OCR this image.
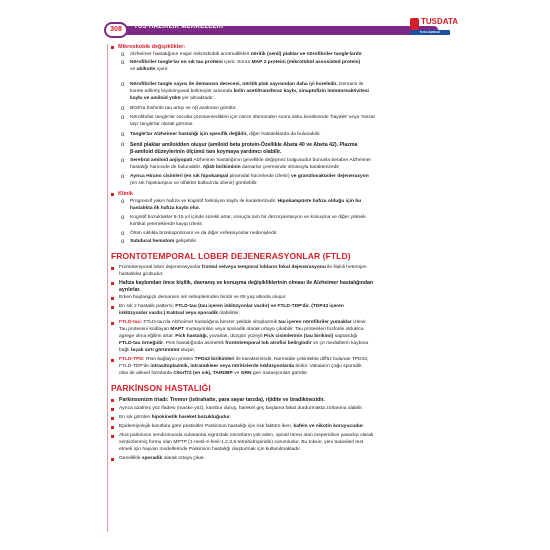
308	TUS HAZIRLIK MERKEZLERİ
TUSDATA
TUS HAZIRLIK MERKEZLERİ
Mikroskobik değişiklikler:
o Alzheimer hastalığının major mikroskobik anormallikleri nöritik (senil) plaklar ve nörofibriler tangle'lardır.
o Nörofibriler tangle'lar en sık tau proteini içerir. Sonra MAP 2 proteini (mikrotübül assosiated protein)
ve ubikutin içerir.
o Nörofibriler tangle sayısı ile demansın derecesi, nöritik plak sayısından daha iyi koreledir. Demans ile
korele edilmiş biyokimyasal belirteçler arasında kolin asetiltransferaz kaybı, sinaptofizin immünreaktivitesi
kaybı ve amiloid yükü yer almaktadır.
o BOS'ta fosforile tau artışı ve Aβ azalması görülür.
o Nörofibriler tangle'lar vücutta çözünemedikleri için nöron ölümünden sonra doku kesitlerinde 'hayalet' veya 'mezar
taşı' tangle'lar olarak görünür.
o Tangle'lar Alzheimer hastalığı için spesifik değildir, diğer hastalıklarda da bulunabilir.
o Senil plaklar amiloidden oluşur (amiloid beta protein-Özellikle Abeta 40 ve Abeta 42). Plazma
β-amiloid düzeylerinin ölçümü tanı koymaya yardımcı olabilir.
o Serebral amiloid anjiyopati Alzheimer hastalığının genellikle değişmez bulgusudur bununla beraber Alzheimer
hastalığı haricinde de bulunabilir. Aβ40 birikiminin damarlar çevresinde olmasıyla karakterizedir
o Ayrıca Hirano cisimleri (en sık hipokampal piramidal hücrelerde izlenir) ve granülovaküoler dejenerasyon
(en sık hipokampus ve olfaktör bulbus'da izlenir) görülebilir.
Klinik
o Progressif yakın hafıza ve kognitif fonksiyon kaybı ile karakterizedir. Hipokampüste hafıza olduğu için bu
hastalıkta ilk hafıza kaybı olur.
o Kognitif bozukluklar 5-15 yıl içinde sürekli artar, sonuçta tam bir dezoryantasyon ve konuşma ve diğer yüksek
kortikal yeteneklerde kayıp izlenir.
o Ölüm sıklıkla bronkopnömoni ve da diğer enfeksiyonlar nedeniyledir.
o Subdural hematom gelişebilir.
FRONTOTEMPORAL LOBER DEJENERASYONLAR (FTLD)
Frontotemporal lober dejenerasyonlar frontal ve/veya temporal lobların fokal dejenerasyonu ile ilişkili heterojen
hastalıklar grubudur.
Hafıza kaybından önce kişilik, davranış ve konuşma değişikliklerinin olması ile Alzheimer hastalığından
ayrılırlar.
Erken başlangıçlı demansın sık sebeplerinden biridir ve 65 yaş altında oluşur.
En sık 2 hastalık patterni; FTLD-tau (tau içeren inklüzyonlar vardır) ve FTLD-TDP'dir. (TDP43 içeren
inklüzyonlar vardır.) Kalıtsal veya sporadik olabilirler.
FTLD-tau: FTLD-tau'da Alzheimer hastalığına benzer şekilde sitoplazmik tau içeren nörofibriler yumaklar izlenir.
Tau proteinini kodlayan MAPT mutasyonları veya sporadik olarak ortaya çıkabilir. Tau proteinleri fosforile olduklca
agrege olma eğilimi artar. Pick hastalığı, yuvarlak, düzgün yüzeyli Pick cisimlerinin (tau birikimi) saptandığı
FTLD-tau örneğidir. Pick hastalığında asimetrik frontotemporal lob atrofisi belirgindir ve çıt mediallerin kaybına
bağlı bıçak sırtı görünümü oluşur.
FTLD-TPD: RNA bağlayıcı protein TPD43 birikimleri ile karakterizedir. Normalde çekirdekte diffüz bulunan TPD43,
FTLD-TDP'de intrasitoplazmik, intranükleer veya nöritislerde inklüzyonlarda birikir. Vakaların çoğu sporadik
olsa de ailesel formlarda C9orf72 (en sık), TARDBP ve GRN gen mutasyonları görülür.
PARKİNSON HASTALIĞI
Parkinsonizm triadı: Tremor (istirahatte, para sayar tarzda), rijidite ve bradikinezidir.
Ayrıca azalmış yüz ifadesi (maske yüz), kambur duruş, hareket geç başlama fakat durdurmakta zorlanma olabilir.
En sık görülen hipokinetik hareket bozukluğudur.
Epidemiyolojik kanıtlara göre pestisitler Parkinson hastalığı için risk faktörü iken, kafein ve nikotin koruyucudur.
Akut parkinson sendromunda substantia nigra'daki nöronların yok eden, opioid türevi olan meperidinin yasadışi olarak
sentezlenmiş formu olan MPTP (1-metil-4-fenil-1,2,3,6-tetrahidropiridin) sorumludur. Bu toksin, yeni tedavileri test
etmek için hayvan modellerinde Parkinson hastalığı oluşturmak için kullanılmaktadır.
Genellikle sporadik olarak ortaya çıkar.
